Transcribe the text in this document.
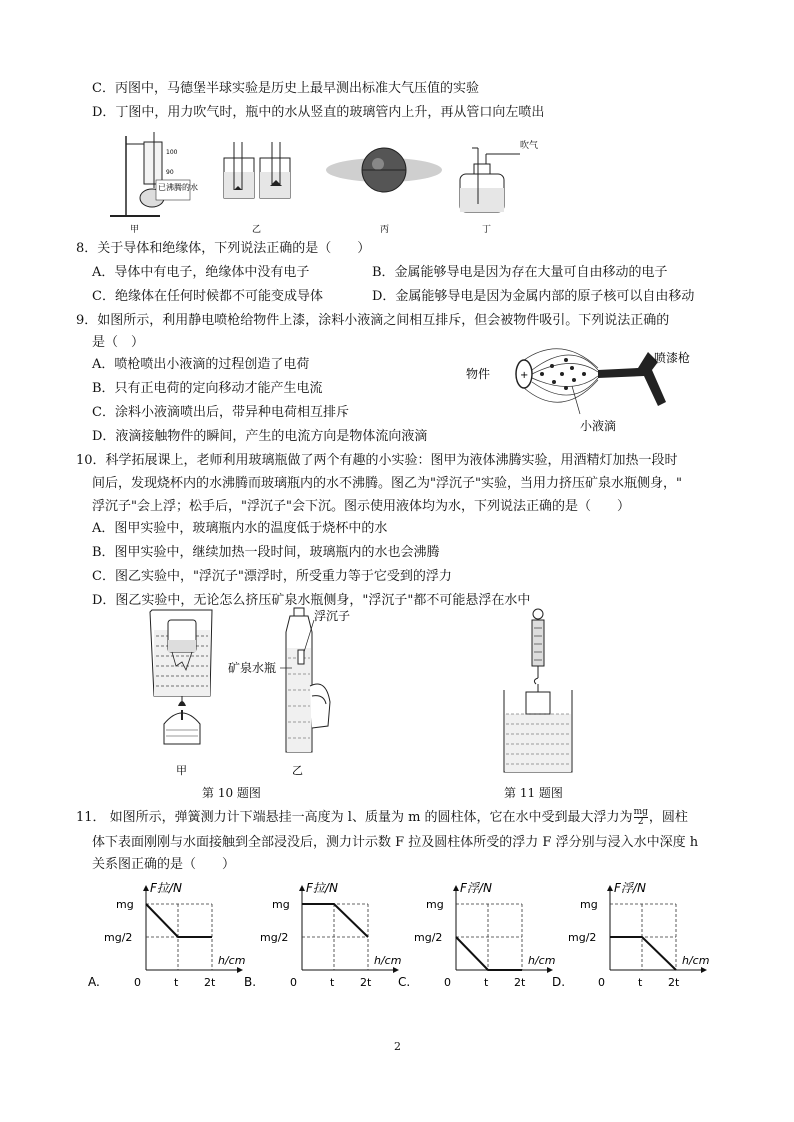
C．丙图中，马德堡半球实验是历史上最早测出标准大气压值的实验
D．丁图中，用力吹气时，瓶中的水从竖直的玻璃管内上升，再从管口向左喷出
100
90
已沸腾的水
甲	乙	丙
吹气
丁
8．关于导体和绝缘体，下列说法正确的是（　　）
A．导体中有电子，绝缘体中没有电子	B．金属能够导电是因为存在大量可自由移动的电子
C．绝缘体在任何时候都不可能变成导体	D．金属能够导电是因为金属内部的原子核可以自由移动
9．如图所示，利用静电喷枪给物件上漆，涂料小液滴之间相互排斥，但会被物件吸引。下列说法正确的
是（　）
A．喷枪喷出小液滴的过程创造了电荷
B．只有正电荷的定向移动才能产生电流
C．涂料小液滴喷出后，带异种电荷相互排斥
D．液滴接触物件的瞬间，产生的电流方向是物体流向液滴
物件	+
喷漆枪
小液滴
10．科学拓展课上，老师利用玻璃瓶做了两个有趣的小实验：图甲为液体沸腾实验，用酒精灯加热一段时
间后，发现烧杯内的水沸腾而玻璃瓶内的水不沸腾。图乙为"浮沉子"实验，当用力挤压矿泉水瓶侧身，"
浮沉子"会上浮；松手后，"浮沉子"会下沉。图示使用液体均为水，下列说法正确的是（　　）
A．图甲实验中，玻璃瓶内水的温度低于烧杯中的水
B．图甲实验中，继续加热一段时间，玻璃瓶内的水也会沸腾
C．图乙实验中，"浮沉子"漂浮时，所受重力等于它受到的浮力
D．图乙实验中，无论怎么挤压矿泉水瓶侧身，"浮沉子"都不可能悬浮在水中
甲
浮沉子
矿泉水瓶
乙
第 10 题图	第 11 题图
11． 如图所示，弹簧测力计下端悬挂一高度为 l、质量为 m 的圆柱体，它在水中受到最大浮力为 $\frac{mg}{2}$ ，圆柱
体下表面刚刚与水面接触到全部浸没后，测力计示数 F 拉及圆柱体所受的浮力 F 浮分别与浸入水中深度 h
关系图正确的是（　　）
A.
F拉/N
h/cm
mg
mg/2
0	t 2t B.
F拉/N
h/cm
mg
mg/2
0	t 2t C.
F浮/N
h/cm
mg
mg/2
0	t 2t D.
F浮/N
h/cm
mg
mg/2
0	t 2t
2
